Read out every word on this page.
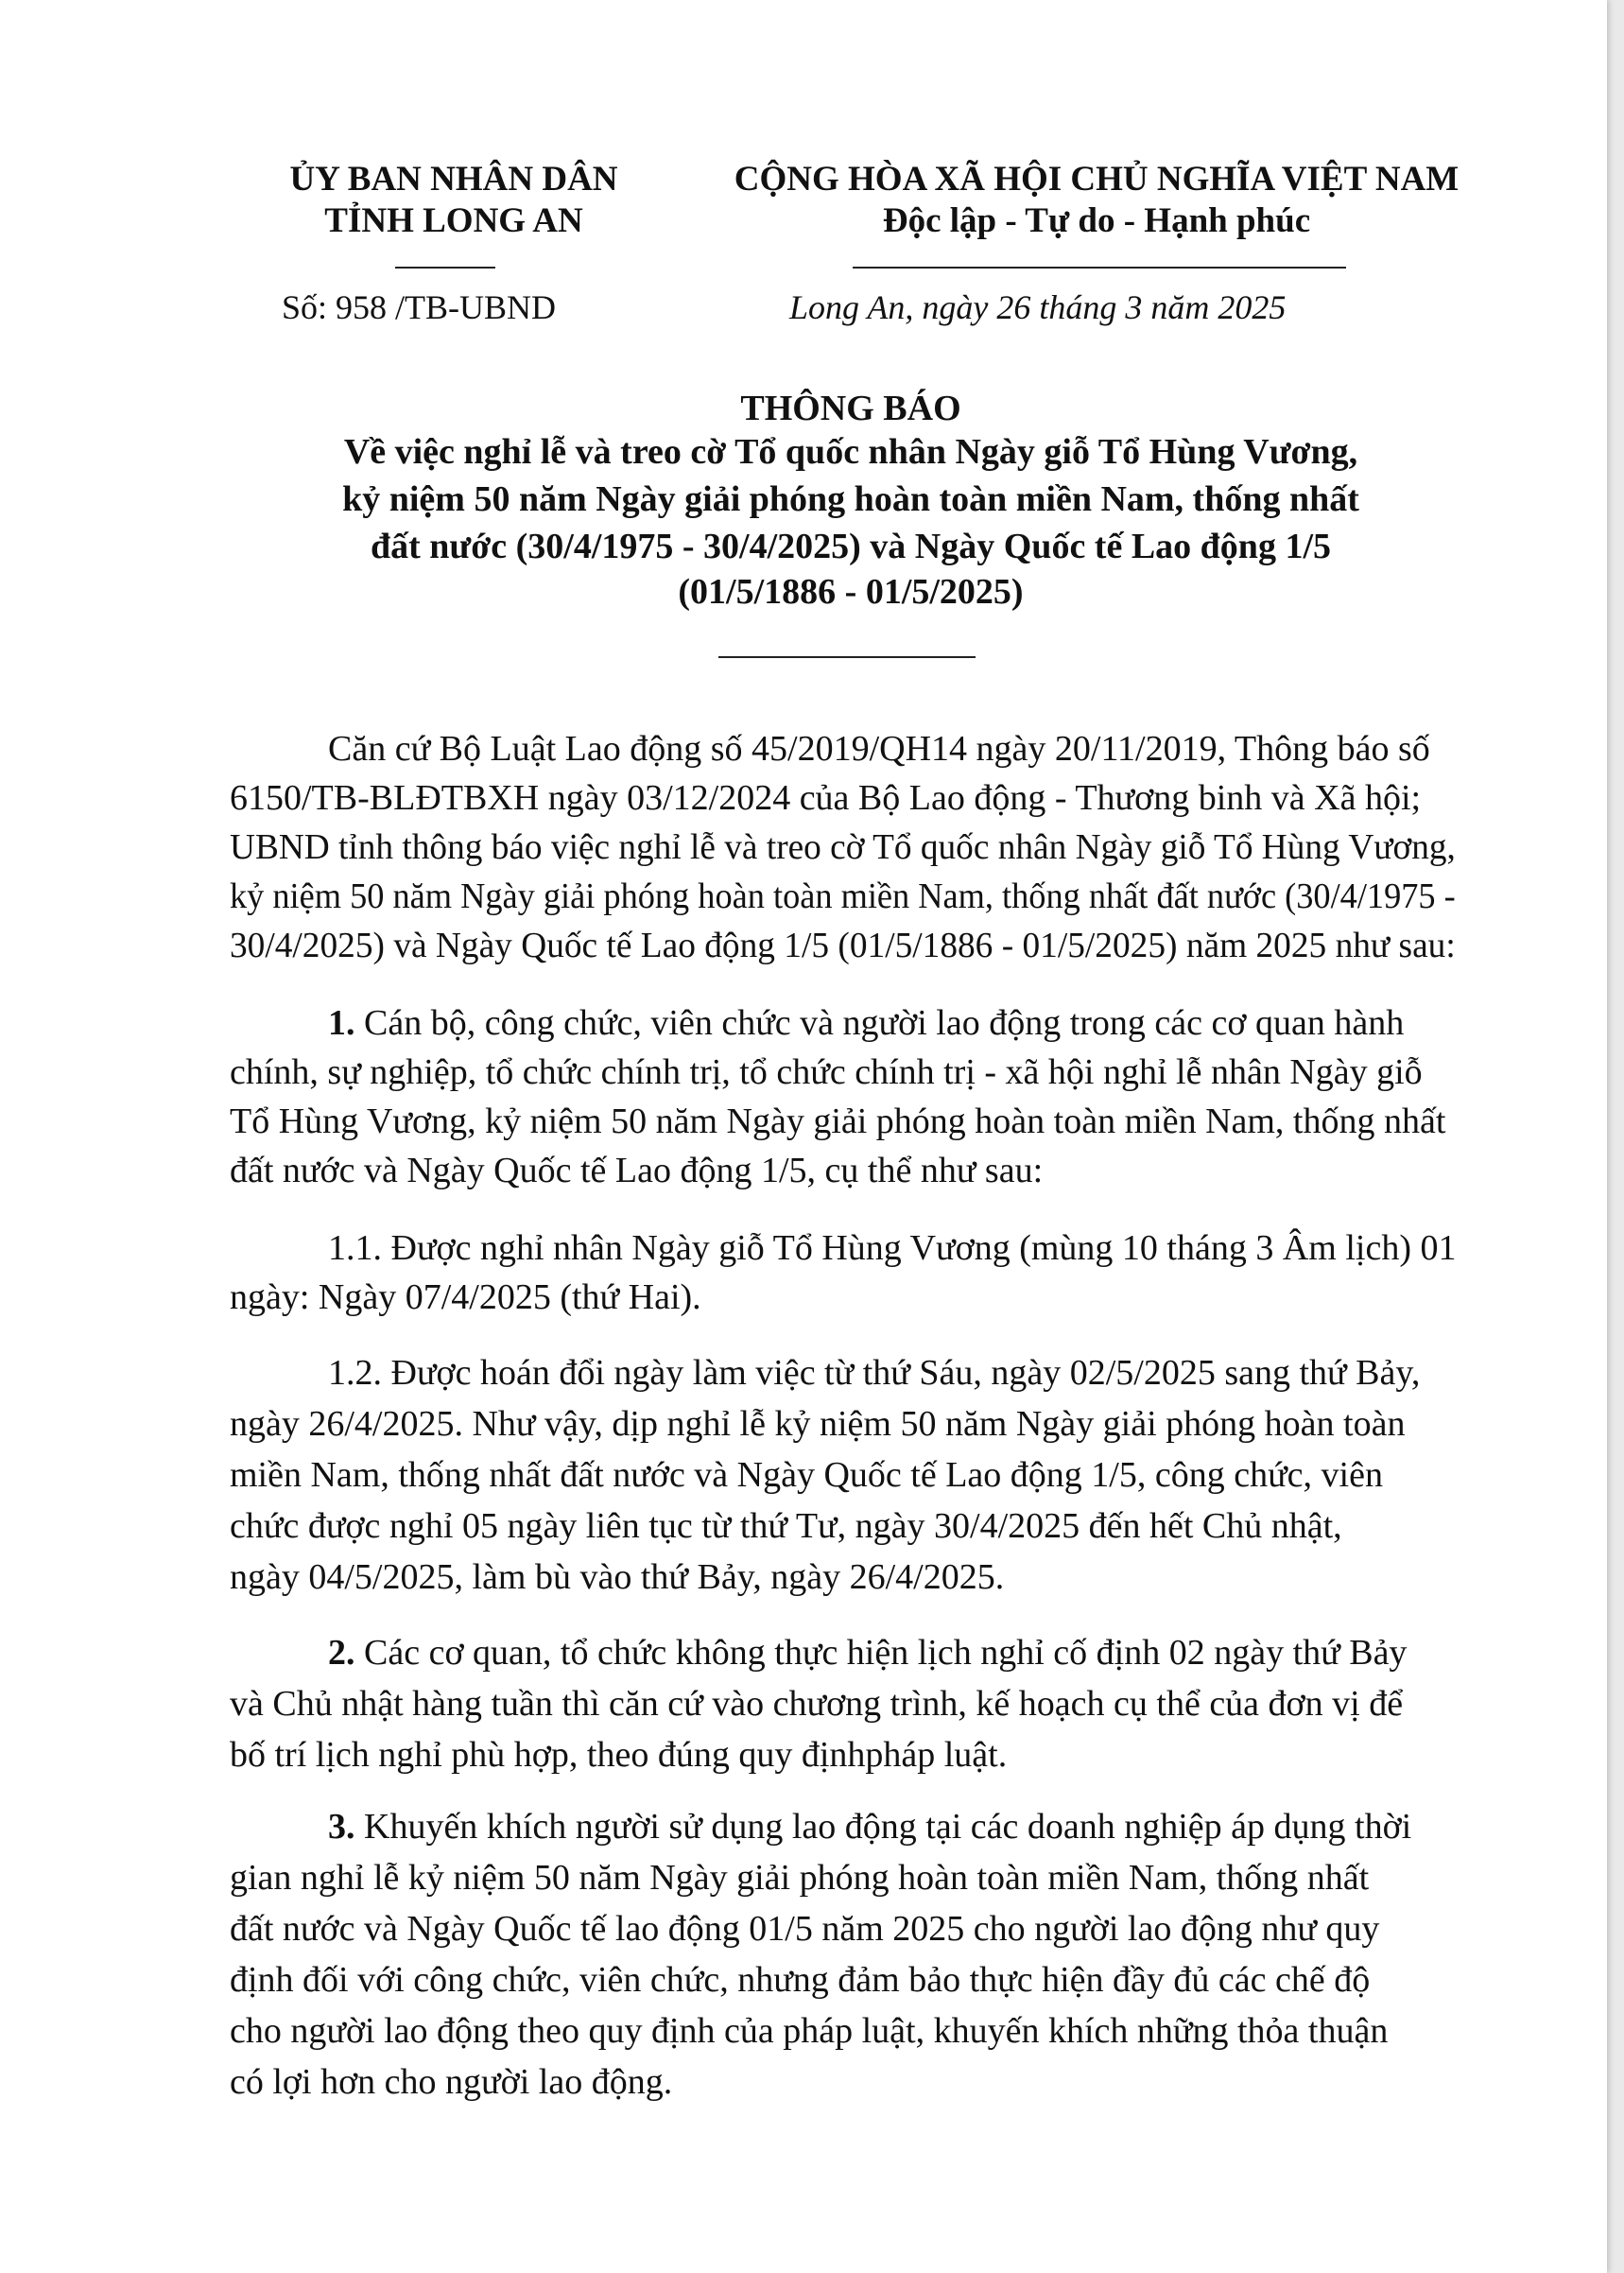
ỦY BAN NHÂN DÂN
TỈNH LONG AN
CỘNG HÒA XÃ HỘI CHỦ NGHĨA VIỆT NAM
Độc lập - Tự do - Hạnh phúc
Số: 958 /TB-UBND	Long An, ngày 26 tháng 3 năm 2025
THÔNG BÁO
Về việc nghỉ lễ và treo cờ Tổ quốc nhân Ngày giỗ Tổ Hùng Vương,
kỷ niệm 50 năm Ngày giải phóng hoàn toàn miền Nam, thống nhất
đất nước (30/4/1975 - 30/4/2025) và Ngày Quốc tế Lao động 1/5
(01/5/1886 - 01/5/2025)
Căn cứ Bộ Luật Lao động số 45/2019/QH14 ngày 20/11/2019, Thông báo số
6150/TB-BLĐTBXH ngày 03/12/2024 của Bộ Lao động - Thương binh và Xã hội;
UBND tỉnh thông báo việc nghỉ lễ và treo cờ Tổ quốc nhân Ngày giỗ Tổ Hùng Vương,
kỷ niệm 50 năm Ngày giải phóng hoàn toàn miền Nam, thống nhất đất nước (30/4/1975 -
30/4/2025) và Ngày Quốc tế Lao động 1/5 (01/5/1886 - 01/5/2025) năm 2025 như sau:
1. Cán bộ, công chức, viên chức và người lao động trong các cơ quan hành
chính, sự nghiệp, tổ chức chính trị, tổ chức chính trị - xã hội nghỉ lễ nhân Ngày giỗ
Tổ Hùng Vương, kỷ niệm 50 năm Ngày giải phóng hoàn toàn miền Nam, thống nhất
đất nước và Ngày Quốc tế Lao động 1/5, cụ thể như sau:
1.1. Được nghỉ nhân Ngày giỗ Tổ Hùng Vương (mùng 10 tháng 3 Âm lịch) 01
ngày: Ngày 07/4/2025 (thứ Hai).
1.2. Được hoán đổi ngày làm việc từ thứ Sáu, ngày 02/5/2025 sang thứ Bảy,
ngày 26/4/2025. Như vậy, dịp nghỉ lễ kỷ niệm 50 năm Ngày giải phóng hoàn toàn
miền Nam, thống nhất đất nước và Ngày Quốc tế Lao động 1/5, công chức, viên
chức được nghỉ 05 ngày liên tục từ thứ Tư, ngày 30/4/2025 đến hết Chủ nhật,
ngày 04/5/2025, làm bù vào thứ Bảy, ngày 26/4/2025.
2. Các cơ quan, tổ chức không thực hiện lịch nghỉ cố định 02 ngày thứ Bảy
và Chủ nhật hàng tuần thì căn cứ vào chương trình, kế hoạch cụ thể của đơn vị để
bố trí lịch nghỉ phù hợp, theo đúng quy địnhpháp luật.
3. Khuyến khích người sử dụng lao động tại các doanh nghiệp áp dụng thời
gian nghỉ lễ kỷ niệm 50 năm Ngày giải phóng hoàn toàn miền Nam, thống nhất
đất nước và Ngày Quốc tế lao động 01/5 năm 2025 cho người lao động như quy
định đối với công chức, viên chức, nhưng đảm bảo thực hiện đầy đủ các chế độ
cho người lao động theo quy định của pháp luật, khuyến khích những thỏa thuận
có lợi hơn cho người lao động.
